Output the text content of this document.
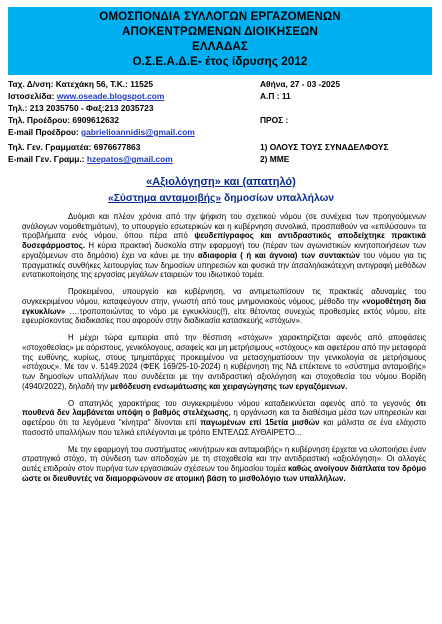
ΟΜΟΣΠΟΝΔΙΑ ΣΥΛΛΟΓΩΝ ΕΡΓΑΖΟΜΕΝΩΝ
ΑΠΟΚΕΝΤΡΩΜΕΝΩΝ ΔΙΟΙΚΗΣΕΩΝ
ΕΛΛΑΔΑΣ
Ο.Σ.Ε.Α.Δ.Ε- έτος ίδρυσης 2012
Ταχ. Δ/νση: Κατεχάκη 56, Τ.Κ.: 11525	Αθήνα, 27 - 03 -2025
Ιστοσελίδα: www.oseade.blogspot.com	Α.Π : 11
Τηλ.: 213 2035750 - Φαξ:213 2035723
Τηλ. Προέδρου: 6909612632	ΠΡΟΣ :
E-mail Προέδρου: gabrielioannidis@gmail.com
Τηλ. Γεν. Γραμματέα: 6976677863	1) ΟΛΟΥΣ ΤΟΥΣ ΣΥΝΑΔΕΛΦΟΥΣ
E-mail Γεν. Γραμμ.: hzepatos@gmail.com	2) ΜΜΕ
«Αξιολόγηση» και (απατηλό)
«Σύστημα ανταμοιβής» δημοσίων υπαλλήλων

Δυόμισι και πλέον χρόνια από την ψήφιση του σχετικού νόμου (σε συνέχεια των προηγούμενων ανάλογων νομοθετημάτων), το υπουργείο εσωτερικών και η κυβέρνηση συνολικά, προσπαθούν να «επιλύσουν» τα προβλήματα ενός νόμου, όπου πέρα από ψευδεπίγραφος και αντιδραστικός αποδείχτηκε πρακτικά δυσεφάρμοστος. Η κύρια πρακτική δυσκολία στην εφαρμογή του (πέραν των αγωνιστικών κινητοποιήσεων των εργαζόμενων στο δημόσιο) έχει να κάνει με την αδιαφορία ( ή και άγνοια) των συντακτών του νόμου για τις πραγματικές συνθήκες λειτουργίας των δημοσίων υπηρεσιών και φυσικά την άτσαλη/κακότεχνη αντιγραφή μεθόδων εντατικοποίησης της εργασίας μεγάλων εταιρειών του ιδιωτικού τομέα.

Προκειμένου, υπουργείο και κυβέρνηση, να αντιμετωπίσουν τις πρακτικές αδυναμίες του συγκεκριμένου νόμου, καταφεύγουν στην, γνωστή από τους μνημονιακούς νόμους, μέθοδο την «νομοθέτηση δια εγκυκλίων» ….τροποποιώντας το νόμο με εγκυκλίους(!), είτε θέτοντας συνεχώς προθεσμίες εκτός νόμου, είτε εφευρίσκοντας διαδικασίες που αφορούν στην διαδικασία κατασκευής «στόχων».

Η μέχρι τώρα εμπειρία από την θέσπιση «στόχων» χαρακτηρίζεται αφενός από αποφάσεις «στοχοθεσίας» με αόριστους, γενικόλογους, ασαφείς και μη μετρήσιμους «στόχους» και αφετέρου από την μεταφορά της ευθύνης, κυρίως, στους τμηματάρχες προκειμένου να μετασχηματίσουν την γενικολογία σε μετρήσιμους «στόχους». Με τον ν. 5149.2024 (ΦΕΚ 169/25-10-2024) η κυβέρνηση της ΝΔ επέκτεινε το «σύστημα ανταμοιβής» των δημοσίων υπαλλήλων που συνδέεται με την αντιδραστική αξιολόγηση και στοχοθεσία του νόμου Βορίδη (4940/2022), δηλαδή την μεθόδευση ενσωμάτωσης και χειραγώγησης των εργαζόμενων.

Ο απατηλός χαρακτήρας του συγκεκριμένου νόμου καταδεικνύεται αφενός από το γεγονός ότι πουθενά δεν λαμβάνεται υπόψη ο βαθμός στελέχωσης, η οργάνωση και τα διαθέσιμα μέσα των υπηρεσιών και αφετέρου ότι τα λεγόμενα "κίνητρα" δίνονται επί παγωμένων επί 15ετία μισθών και μάλιστα σε ένα ελάχιστο ποσοστό υπαλλήλων που τελικά επιλέγονται με τρόπο ΕΝΤΕΛΩΣ ΑΥΘΑΙΡΕΤΟ...

Με την εφαρμογή του συστήματος «κινήτρων και ανταμοιβής» η κυβέρνηση έρχεται να υλοποιήσει έναν στρατηγικό στόχο, τη σύνδεση των αποδοχών με τη στοχοθεσία και την αντιδραστική «αξιολόγηση». Οι αλλαγές αυτές επιδρούν στον πυρήνα των εργασιακών σχέσεων του δημοσίου τομέα καθώς ανοίγουν διάπλατα τον δρόμο ώστε οι διευθυντές να διαμορφώνουν σε ατομική βάση το μισθολόγιο των υπαλλήλων.
